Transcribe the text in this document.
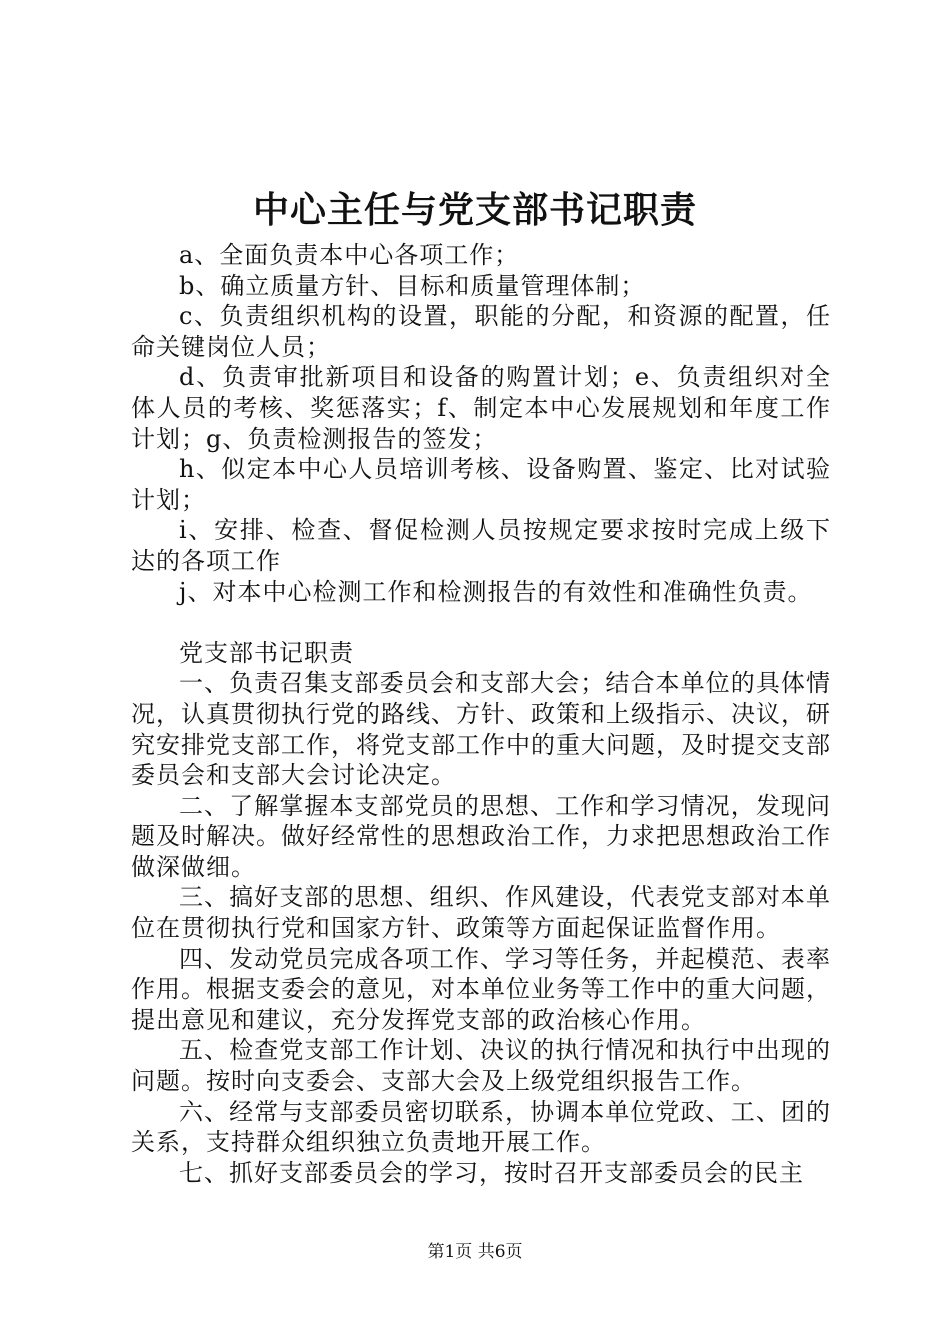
中心主任与党支部书记职责

a、全面负责本中心各项工作；

b、确立质量方针、目标和质量管理体制；

c、负责组织机构的设置，职能的分配，和资源的配置，任命关键岗位人员；

d、负责审批新项目和设备的购置计划；e、负责组织对全体人员的考核、奖惩落实；f、制定本中心发展规划和年度工作计划；g、负责检测报告的签发；

h、似定本中心人员培训考核、设备购置、鉴定、比对试验计划；

i、安排、检查、督促检测人员按规定要求按时完成上级下达的各项工作

j、对本中心检测工作和检测报告的有效性和准确性负责。

党支部书记职责

一、负责召集支部委员会和支部大会；结合本单位的具体情况，认真贯彻执行党的路线、方针、政策和上级指示、决议，研究安排党支部工作，将党支部工作中的重大问题，及时提交支部委员会和支部大会讨论决定。

二、了解掌握本支部党员的思想、工作和学习情况，发现问题及时解决。做好经常性的思想政治工作，力求把思想政治工作做深做细。

三、搞好支部的思想、组织、作风建设，代表党支部对本单位在贯彻执行党和国家方针、政策等方面起保证监督作用。

四、发动党员完成各项工作、学习等任务，并起模范、表率作用。根据支委会的意见，对本单位业务等工作中的重大问题，提出意见和建议，充分发挥党支部的政治核心作用。

五、检查党支部工作计划、决议的执行情况和执行中出现的问题。按时向支委会、支部大会及上级党组织报告工作。

六、经常与支部委员密切联系，协调本单位党政、工、团的关系，支持群众组织独立负责地开展工作。

七、抓好支部委员会的学习，按时召开支部委员会的民主

第1页 共6页
